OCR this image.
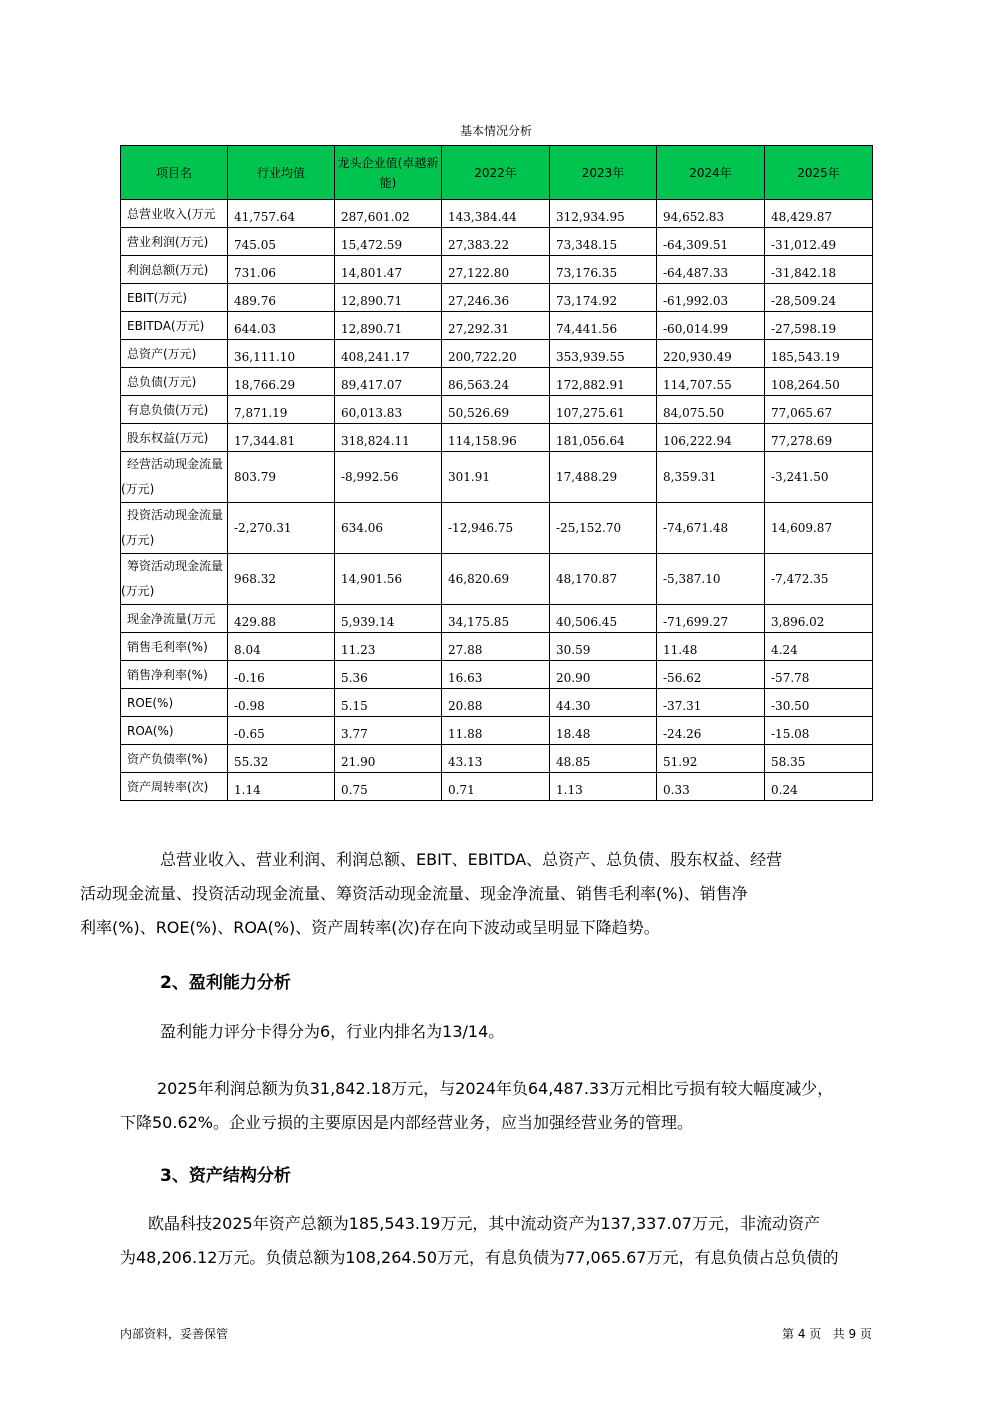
基本情况分析
项目名	行业均值	龙头企业值(卓越新能)	2022年	2023年	2024年	2025年
总营业收入(万元	41,757.64	287,601.02	143,384.44	312,934.95	94,652.83	48,429.87
营业利润(万元)	745.05	15,472.59	27,383.22	73,348.15	-64,309.51	-31,012.49
利润总额(万元)	731.06	14,801.47	27,122.80	73,176.35	-64,487.33	-31,842.18
EBIT(万元)	489.76	12,890.71	27,246.36	73,174.92	-61,992.03	-28,509.24
EBITDA(万元)	644.03	12,890.71	27,292.31	74,441.56	-60,014.99	-27,598.19
总资产(万元)	36,111.10	408,241.17	200,722.20	353,939.55	220,930.49	185,543.19
总负债(万元)	18,766.29	89,417.07	86,563.24	172,882.91	114,707.55	108,264.50
有息负债(万元)	7,871.19	60,013.83	50,526.69	107,275.61	84,075.50	77,065.67
股东权益(万元)	17,344.81	318,824.11	114,158.96	181,056.64	106,222.94	77,278.69
经营活动现金流量(万元)	803.79	-8,992.56	301.91	17,488.29	8,359.31	-3,241.50
投资活动现金流量(万元)	-2,270.31	634.06	-12,946.75	-25,152.70	-74,671.48	14,609.87
筹资活动现金流量(万元)	968.32	14,901.56	46,820.69	48,170.87	-5,387.10	-7,472.35
现金净流量(万元	429.88	5,939.14	34,175.85	40,506.45	-71,699.27	3,896.02
销售毛利率(%)	8.04	11.23	27.88	30.59	11.48	4.24
销售净利率(%)	-0.16	5.36	16.63	20.90	-56.62	-57.78
ROE(%)	-0.98	5.15	20.88	44.30	-37.31	-30.50
ROA(%)	-0.65	3.77	11.88	18.48	-24.26	-15.08
资产负债率(%)	55.32	21.90	43.13	48.85	51.92	58.35
资产周转率(次)	1.14	0.75	0.71	1.13	0.33	0.24
总营业收入、营业利润、利润总额、EBIT、EBITDA、总资产、总负债、股东权益、经营
活动现金流量、投资活动现金流量、筹资活动现金流量、现金净流量、销售毛利率(%)、销售净
利率(%)、ROE(%)、ROA(%)、资产周转率(次)存在向下波动或呈明显下降趋势。
2、盈利能力分析
盈利能力评分卡得分为6，行业内排名为13/14。
2025年利润总额为负31,842.18万元，与2024年负64,487.33万元相比亏损有较大幅度减少，
下降50.62%。企业亏损的主要原因是内部经营业务，应当加强经营业务的管理。
3、资产结构分析
欧晶科技2025年资产总额为185,543.19万元，其中流动资产为137,337.07万元，非流动资产
为48,206.12万元。负债总额为108,264.50万元，有息负债为77,065.67万元，有息负债占总负债的
内部资料，妥善保管	第 4 页   共 9 页
